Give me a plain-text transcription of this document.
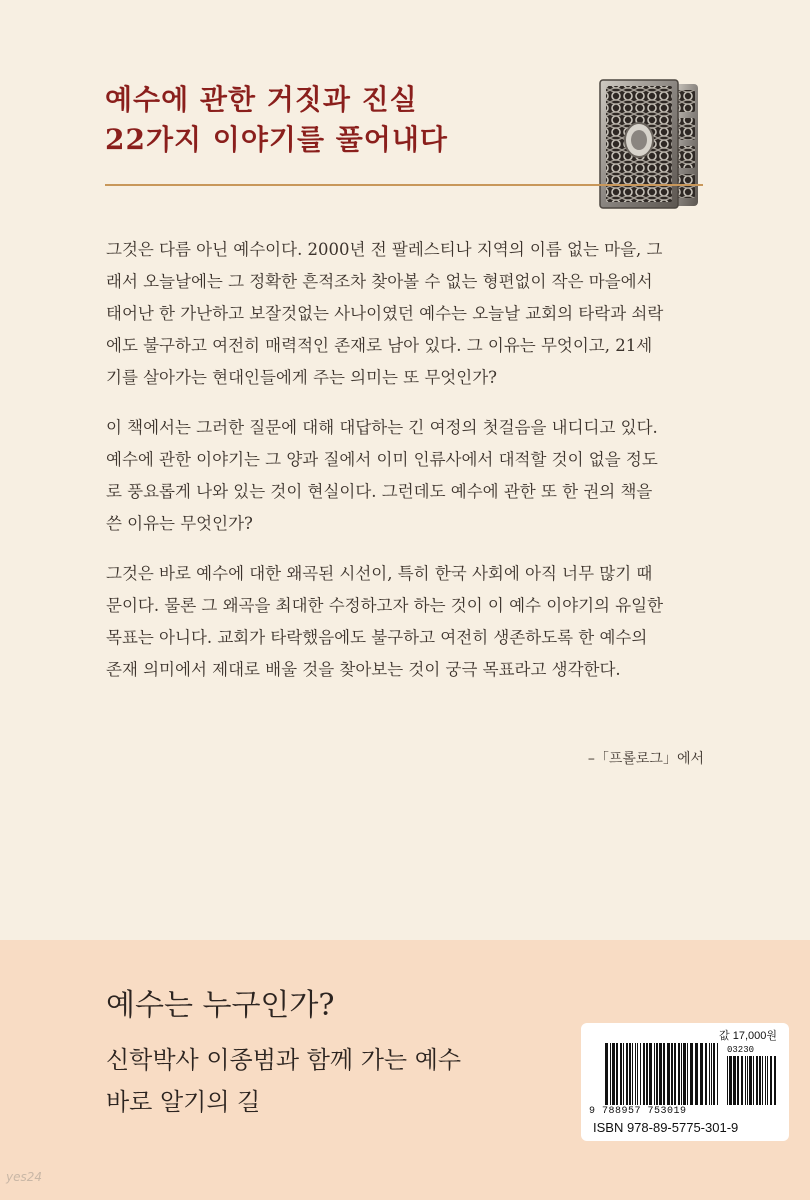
예수에 관한 거짓과 진실
22가지 이야기를 풀어내다
그것은 다름 아닌 예수이다. 2000년 전 팔레스티나 지역의 이름 없는 마을, 그
래서 오늘날에는 그 정확한 흔적조차 찾아볼 수 없는 형편없이 작은 마을에서
태어난 한 가난하고 보잘것없는 사나이였던 예수는 오늘날 교회의 타락과 쇠락
에도 불구하고 여전히 매력적인 존재로 남아 있다. 그 이유는 무엇이고, 21세
기를 살아가는 현대인들에게 주는 의미는 또 무엇인가?
이 책에서는 그러한 질문에 대해 대답하는 긴 여정의 첫걸음을 내디디고 있다.
예수에 관한 이야기는 그 양과 질에서 이미 인류사에서 대적할 것이 없을 정도
로 풍요롭게 나와 있는 것이 현실이다. 그런데도 예수에 관한 또 한 권의 책을
쓴 이유는 무엇인가?
그것은 바로 예수에 대한 왜곡된 시선이, 특히 한국 사회에 아직 너무 많기 때
문이다. 물론 그 왜곡을 최대한 수정하고자 하는 것이 이 예수 이야기의 유일한
목표는 아니다. 교회가 타락했음에도 불구하고 여전히 생존하도록 한 예수의
존재 의미에서 제대로 배울 것을 찾아보는 것이 궁극 목표라고 생각한다.
–「프롤로그」에서
예수는 누구인가?
신학박사 이종범과 함께 가는 예수
바로 알기의 길
값 17,000원
03230
9 788957 753019
ISBN 978-89-5775-301-9
yes24
